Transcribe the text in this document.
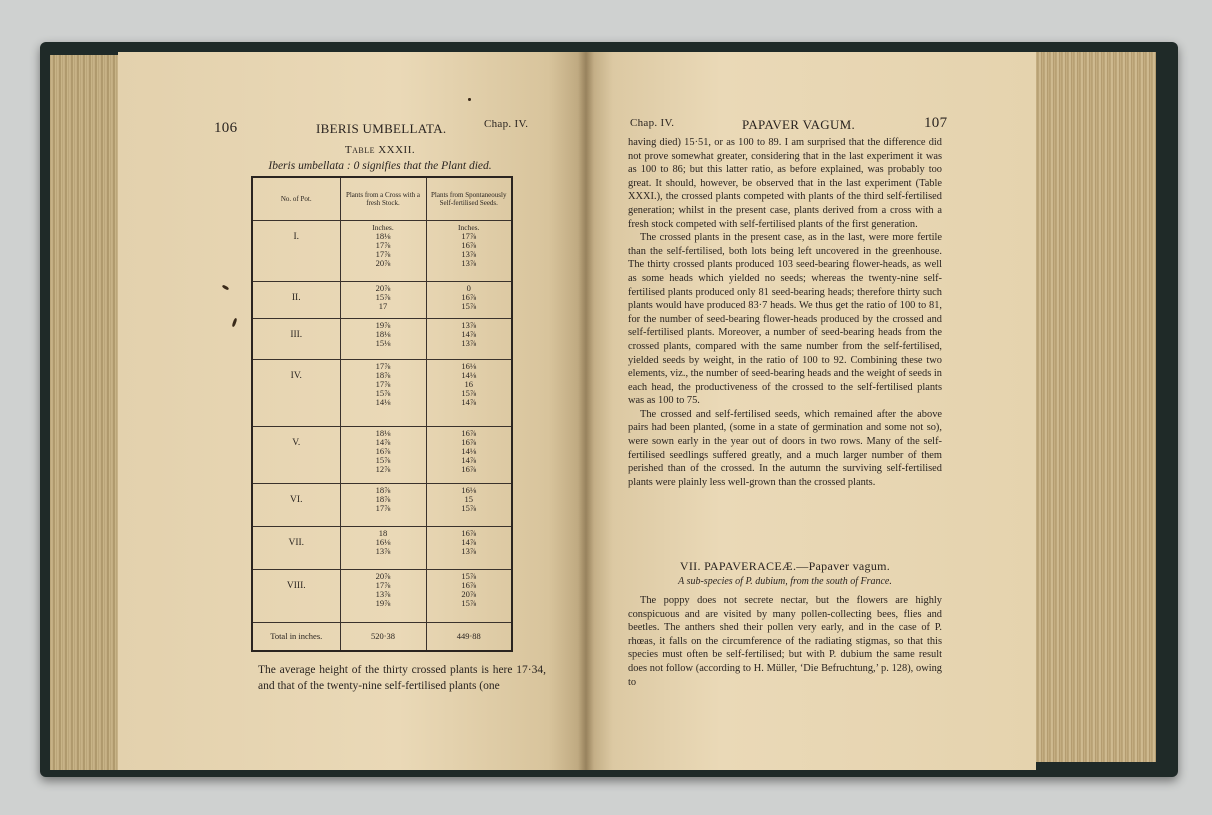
106	IBERIS UMBELLATA.	Chap. IV.
Table XXXII.
Iberis umbellata : 0 signifies that the Plant died.
No. of Pot.	Plants from a Cross with a fresh Stock.	Plants from Spontaneously Self-fertilised Seeds.
I.	Inches.
18⅛
17⅞
17⅞
20⅞	Inches.
17⅞
16⅞
13⅞
13⅞

II.	20⅞
15⅞
17	0
16⅞
15⅞

III.	19⅞
18⅛
15⅛	13⅞
14⅞
13⅞

IV.	17⅞
18⅞
17⅞
15⅞
14⅛	16⅛
14⅛
16
15⅞
14⅞

V.	18⅛
14⅞
16⅞
15⅞
12⅞	16⅞
16⅞
14⅛
14⅞
16⅞

VI.	18⅞
18⅞
17⅞	16⅛
15
15⅞

VII.	18
16⅛
13⅞	16⅞
14⅞
13⅞

VIII.	20⅞
17⅞
13⅞
19⅞	15⅞
16⅞
20⅞
15⅞

Total in inches.	520·38	449·88
The average height of the thirty crossed plants is here 17·34, and that of the twenty-nine self-fertilised plants (one
Chap. IV.	PAPAVER VAGUM.	107

having died) 15·51, or as 100 to 89. I am surprised that the difference did not prove somewhat greater, considering that in the last experiment it was as 100 to 86; but this latter ratio, as before explained, was probably too great. It should, however, be observed that in the last experiment (Table XXXI.), the crossed plants competed with plants of the third self-fertilised generation; whilst in the present case, plants derived from a cross with a fresh stock competed with self-fertilised plants of the first generation.

The crossed plants in the present case, as in the last, were more fertile than the self-fertilised, both lots being left uncovered in the greenhouse. The thirty crossed plants produced 103 seed-bearing flower-heads, as well as some heads which yielded no seeds; whereas the twenty-nine self-fertilised plants produced only 81 seed-bearing heads; therefore thirty such plants would have produced 83·7 heads. We thus get the ratio of 100 to 81, for the number of seed-bearing flower-heads produced by the crossed and self-fertilised plants. Moreover, a number of seed-bearing heads from the crossed plants, compared with the same number from the self-fertilised, yielded seeds by weight, in the ratio of 100 to 92. Combining these two elements, viz., the number of seed-bearing heads and the weight of seeds in each head, the productiveness of the crossed to the self-fertilised plants was as 100 to 75.

The crossed and self-fertilised seeds, which remained after the above pairs had been planted, (some in a state of germination and some not so), were sown early in the year out of doors in two rows. Many of the self-fertilised seedlings suffered greatly, and a much larger number of them perished than of the crossed. In the autumn the surviving self-fertilised plants were plainly less well-grown than the crossed plants.

VII. PAPAVERACEÆ.—Papaver vagum.
A sub-species of P. dubium, from the south of France.

The poppy does not secrete nectar, but the flowers are highly conspicuous and are visited by many pollen-collecting bees, flies and beetles. The anthers shed their pollen very early, and in the case of P. rhœas, it falls on the circumference of the radiating stigmas, so that this species must often be self-fertilised; but with P. dubium the same result does not follow (according to H. Müller, ‘Die Befruchtung,’ p. 128), owing to
